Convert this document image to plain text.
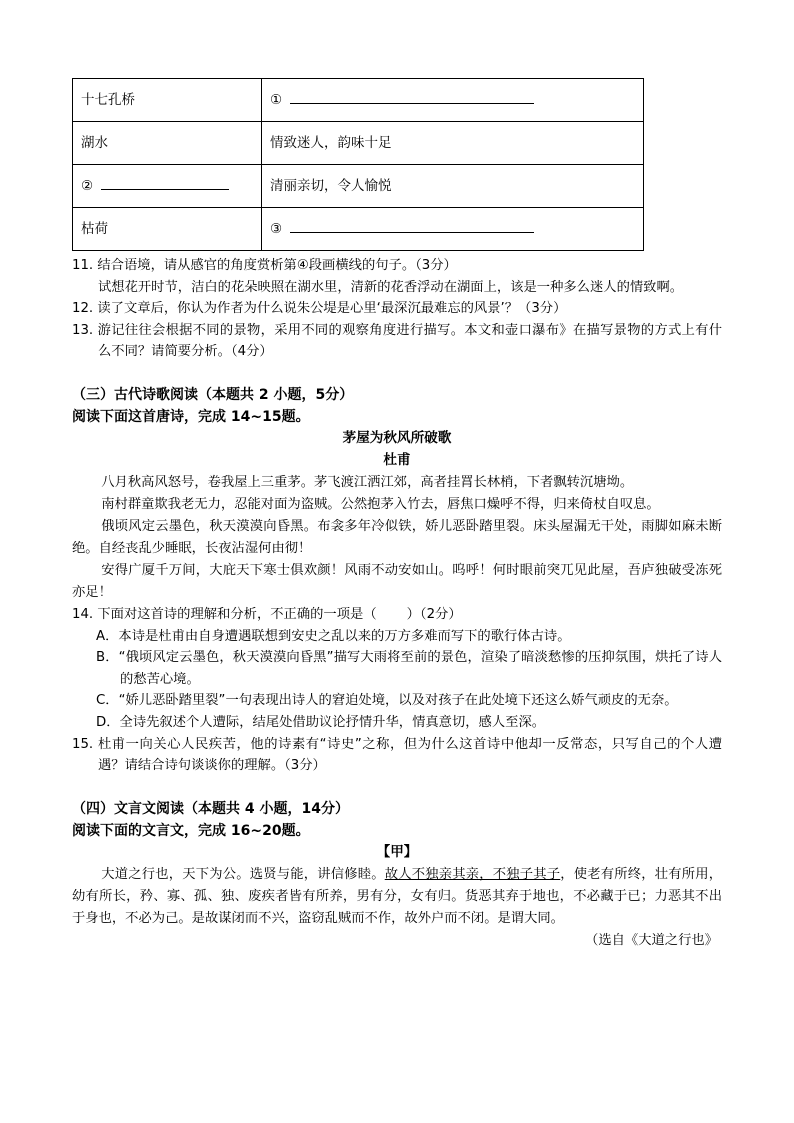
十七孔桥	①
湖水	情致迷人，韵味十足
②	清丽亲切，令人愉悦
枯荷	③

11. 结合语境，请从感官的角度赏析第④段画横线的句子。（3分）

试想花开时节，洁白的花朵映照在湖水里，清新的花香浮动在湖面上，该是一种多么迷人的情致啊。

12. 读了文章后，你认为作者为什么说朱公堤是心里‘最深沉最难忘的风景’？（3分）

13. 游记往往会根据不同的景物，采用不同的观察角度进行描写。本文和壶口瀑布》在描写景物的方式上有什么不同？请简要分析。（4分）

（三）古代诗歌阅读（本题共 2 小题，5分）

阅读下面这首唐诗，完成 14~15题。

茅屋为秋风所破歌

杜甫

八月秋高风怒号，卷我屋上三重茅。茅飞渡江洒江郊，高者挂罥长林梢，下者飘转沉塘坳。

南村群童欺我老无力，忍能对面为盗贼。公然抱茅入竹去，唇焦口燥呼不得，归来倚杖自叹息。

俄顷风定云墨色，秋天漠漠向昏黑。布衾多年冷似铁，娇儿恶卧踏里裂。床头屋漏无干处，雨脚如麻未断绝。自经丧乱少睡眠，长夜沾湿何由彻！

安得广厦千万间，大庇天下寒士俱欢颜！风雨不动安如山。呜呼！何时眼前突兀见此屋，吾庐独破受冻死亦足！

14. 下面对这首诗的理解和分析，不正确的一项是（ ）（2分）

A．本诗是杜甫由自身遭遇联想到安史之乱以来的万方多难而写下的歌行体古诗。

B．“俄顷风定云墨色，秋天漠漠向昏黑”描写大雨将至前的景色，渲染了暗淡愁惨的压抑氛围，烘托了诗人的愁苦心境。

C．“娇儿恶卧踏里裂”一句表现出诗人的窘迫处境，以及对孩子在此处境下还这么娇气顽皮的无奈。

D．全诗先叙述个人遭际，结尾处借助议论抒情升华，情真意切，感人至深。

15. 杜甫一向关心人民疾苦，他的诗素有“诗史”之称，但为什么这首诗中他却一反常态，只写自己的个人遭遇？请结合诗句谈谈你的理解。（3分）

（四）文言文阅读（本题共 4 小题，14分）

阅读下面的文言文，完成 16~20题。

【甲】

大道之行也，天下为公。选贤与能，讲信修睦。故人不独亲其亲，不独子其子，使老有所终，壮有所用，幼有所长，矜、寡、孤、独、废疾者皆有所养，男有分，女有归。货恶其弃于地也，不必藏于已；力恶其不出于身也，不必为己。是故谋闭而不兴，盗窃乱贼而不作，故外户而不闭。是谓大同。

（选自《大道之行也》
